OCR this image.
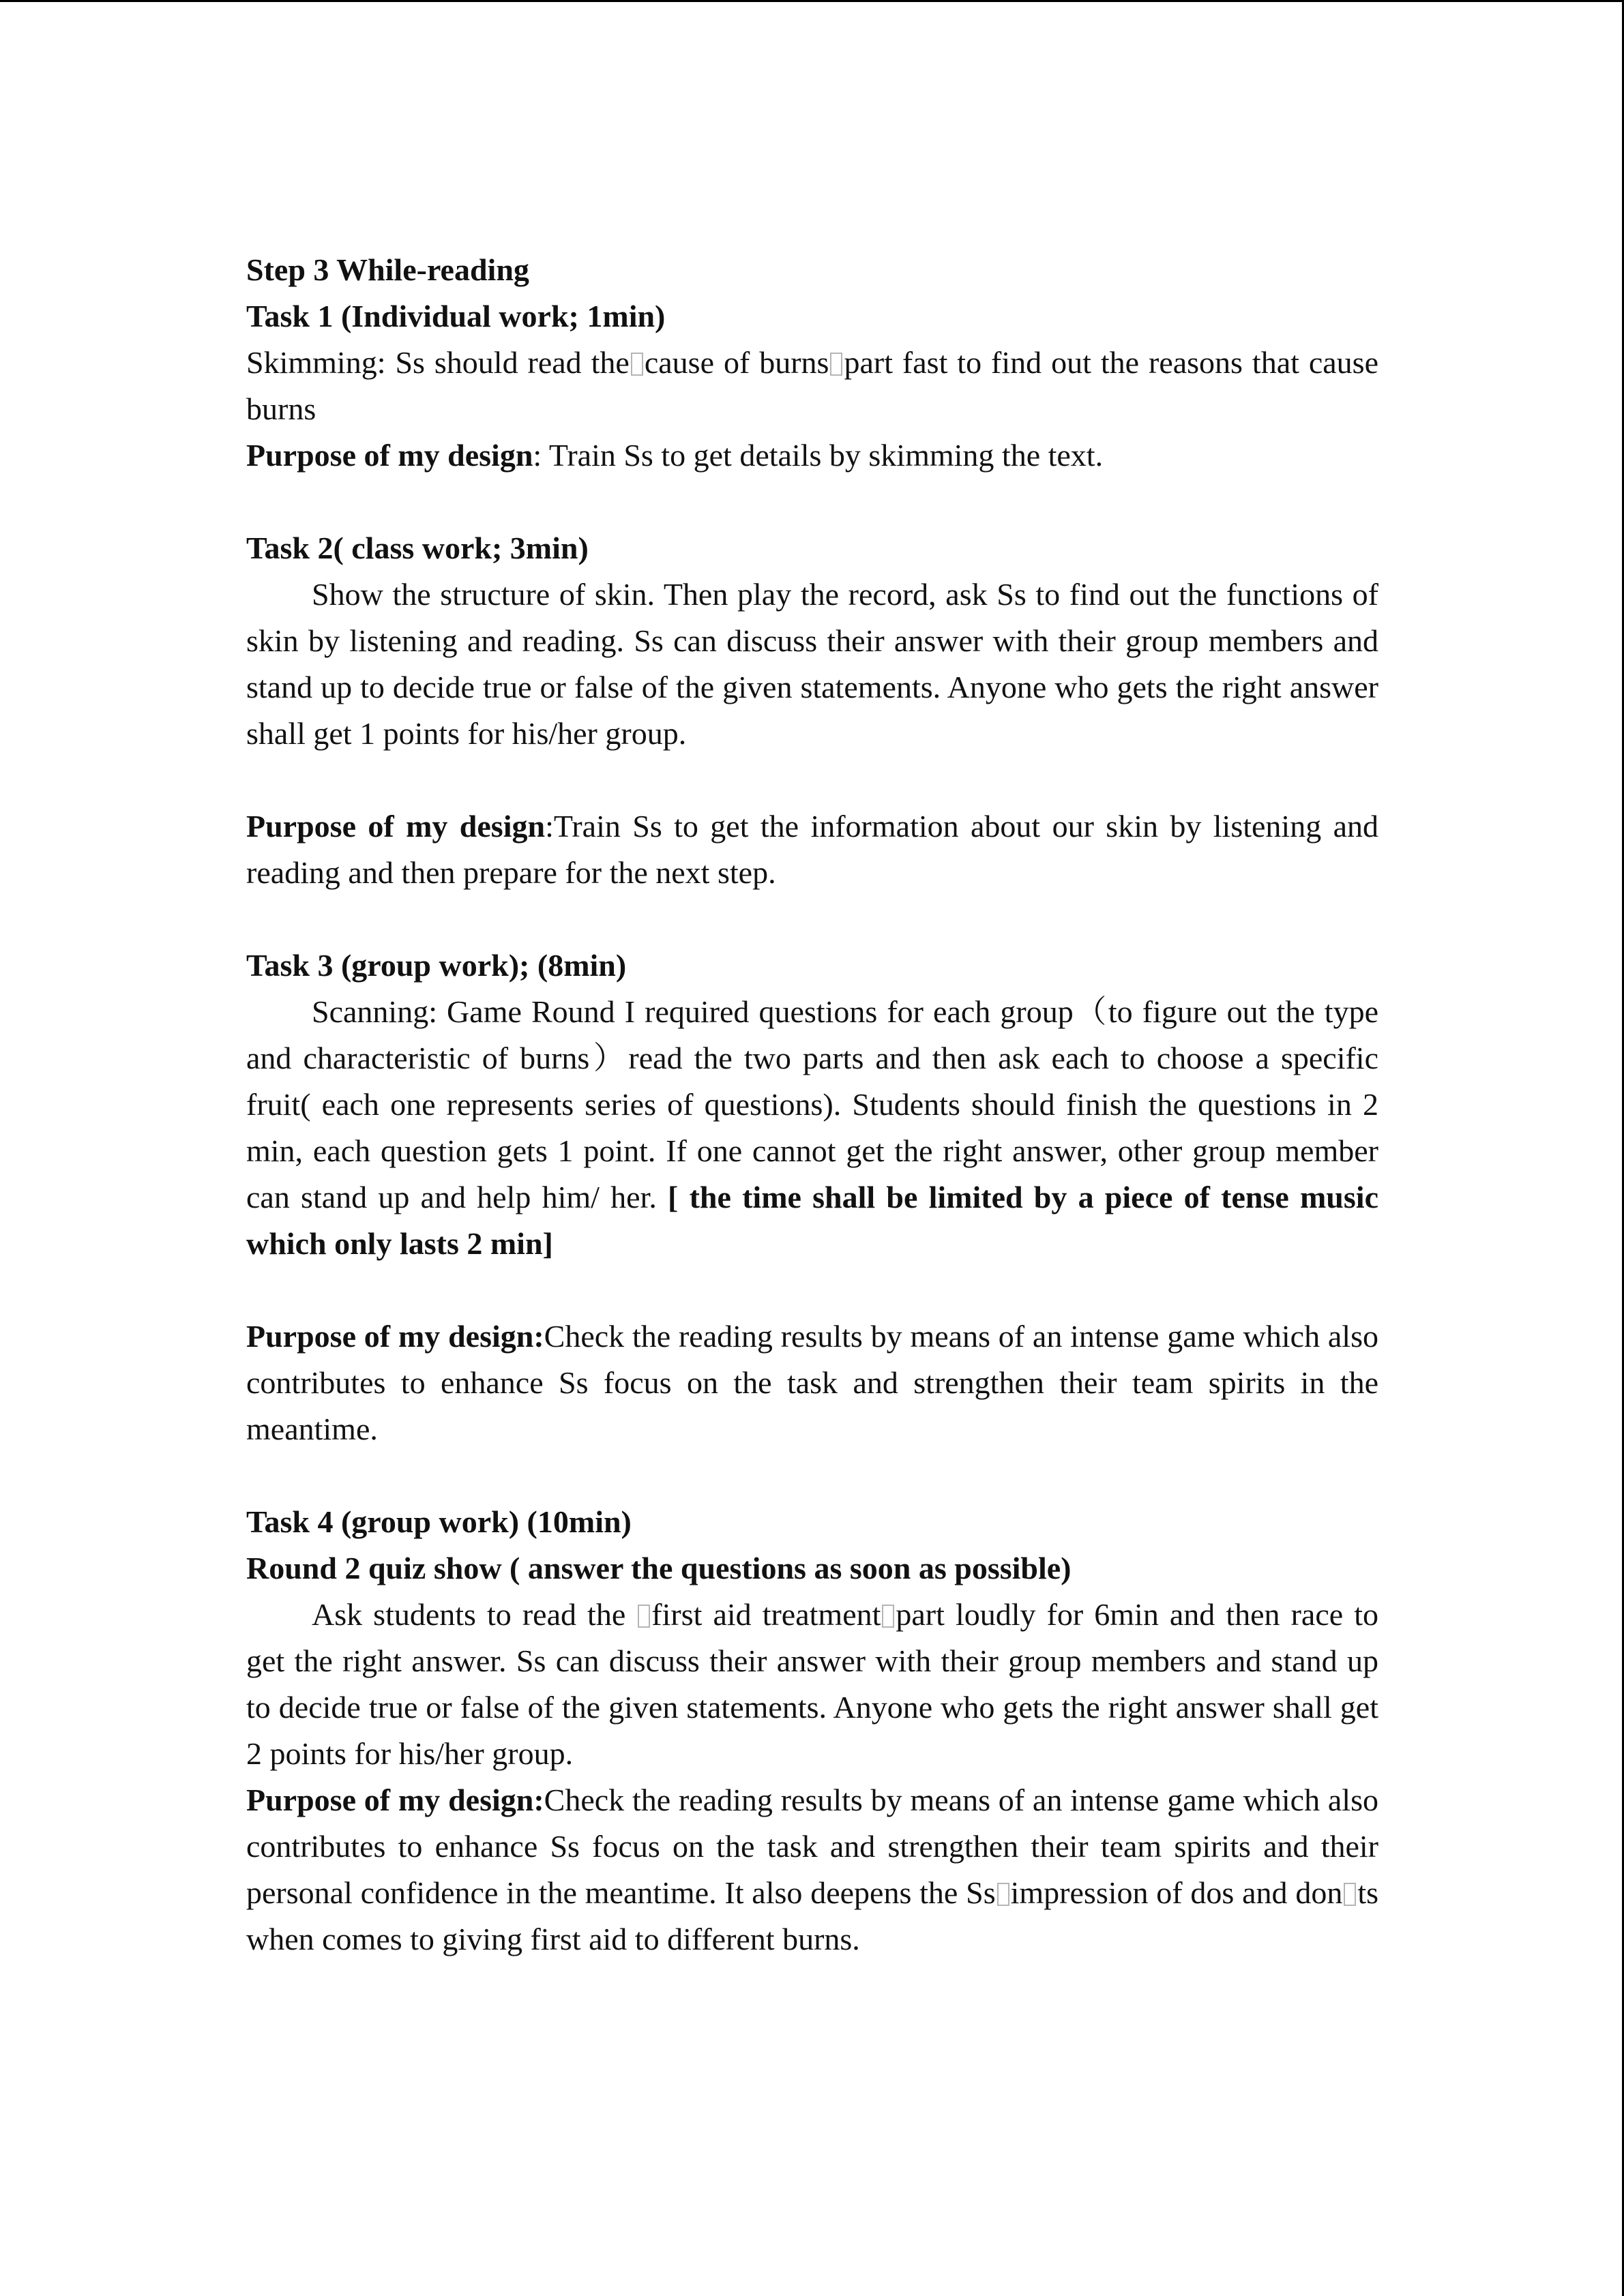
Step 3 While-reading

Task 1 (Individual work; 1min)

Skimming: Ss should read the cause of burns part fast to find out the reasons that cause burns

Purpose of my design: Train Ss to get details by skimming the text.

Task 2( class work; 3min)

Show the structure of skin. Then play the record, ask Ss to find out the functions of skin by listening and reading. Ss can discuss their answer with their group members and stand up to decide true or false of the given statements. Anyone who gets the right answer shall get 1 points for his/her group.

Purpose of my design:Train Ss to get the information about our skin by listening and reading and then prepare for the next step.

Task 3 (group work); (8min)

Scanning: Game Round I required questions for each group（to figure out the type and characteristic of burns）read the two parts and then ask each to choose a specific fruit( each one represents series of questions). Students should finish the questions in 2 min, each question gets 1 point. If one cannot get the right answer, other group member can stand up and help him/ her. [ the time shall be limited by a piece of tense music which only lasts 2 min]

Purpose of my design:Check the reading results by means of an intense game which also contributes to enhance Ss focus on the task and strengthen their team spirits in the meantime.

Task 4 (group work) (10min)

Round 2 quiz show ( answer the questions as soon as possible)

Ask students to read the first aid treatment part loudly for 6min and then race to get the right answer. Ss can discuss their answer with their group members and stand up to decide true or false of the given statements. Anyone who gets the right answer shall get 2 points for his/her group.

Purpose of my design:Check the reading results by means of an intense game which also contributes to enhance Ss focus on the task and strengthen their team spirits and their personal confidence in the meantime. It also deepens the Ss impression of dos and don ts when comes to giving first aid to different burns.
